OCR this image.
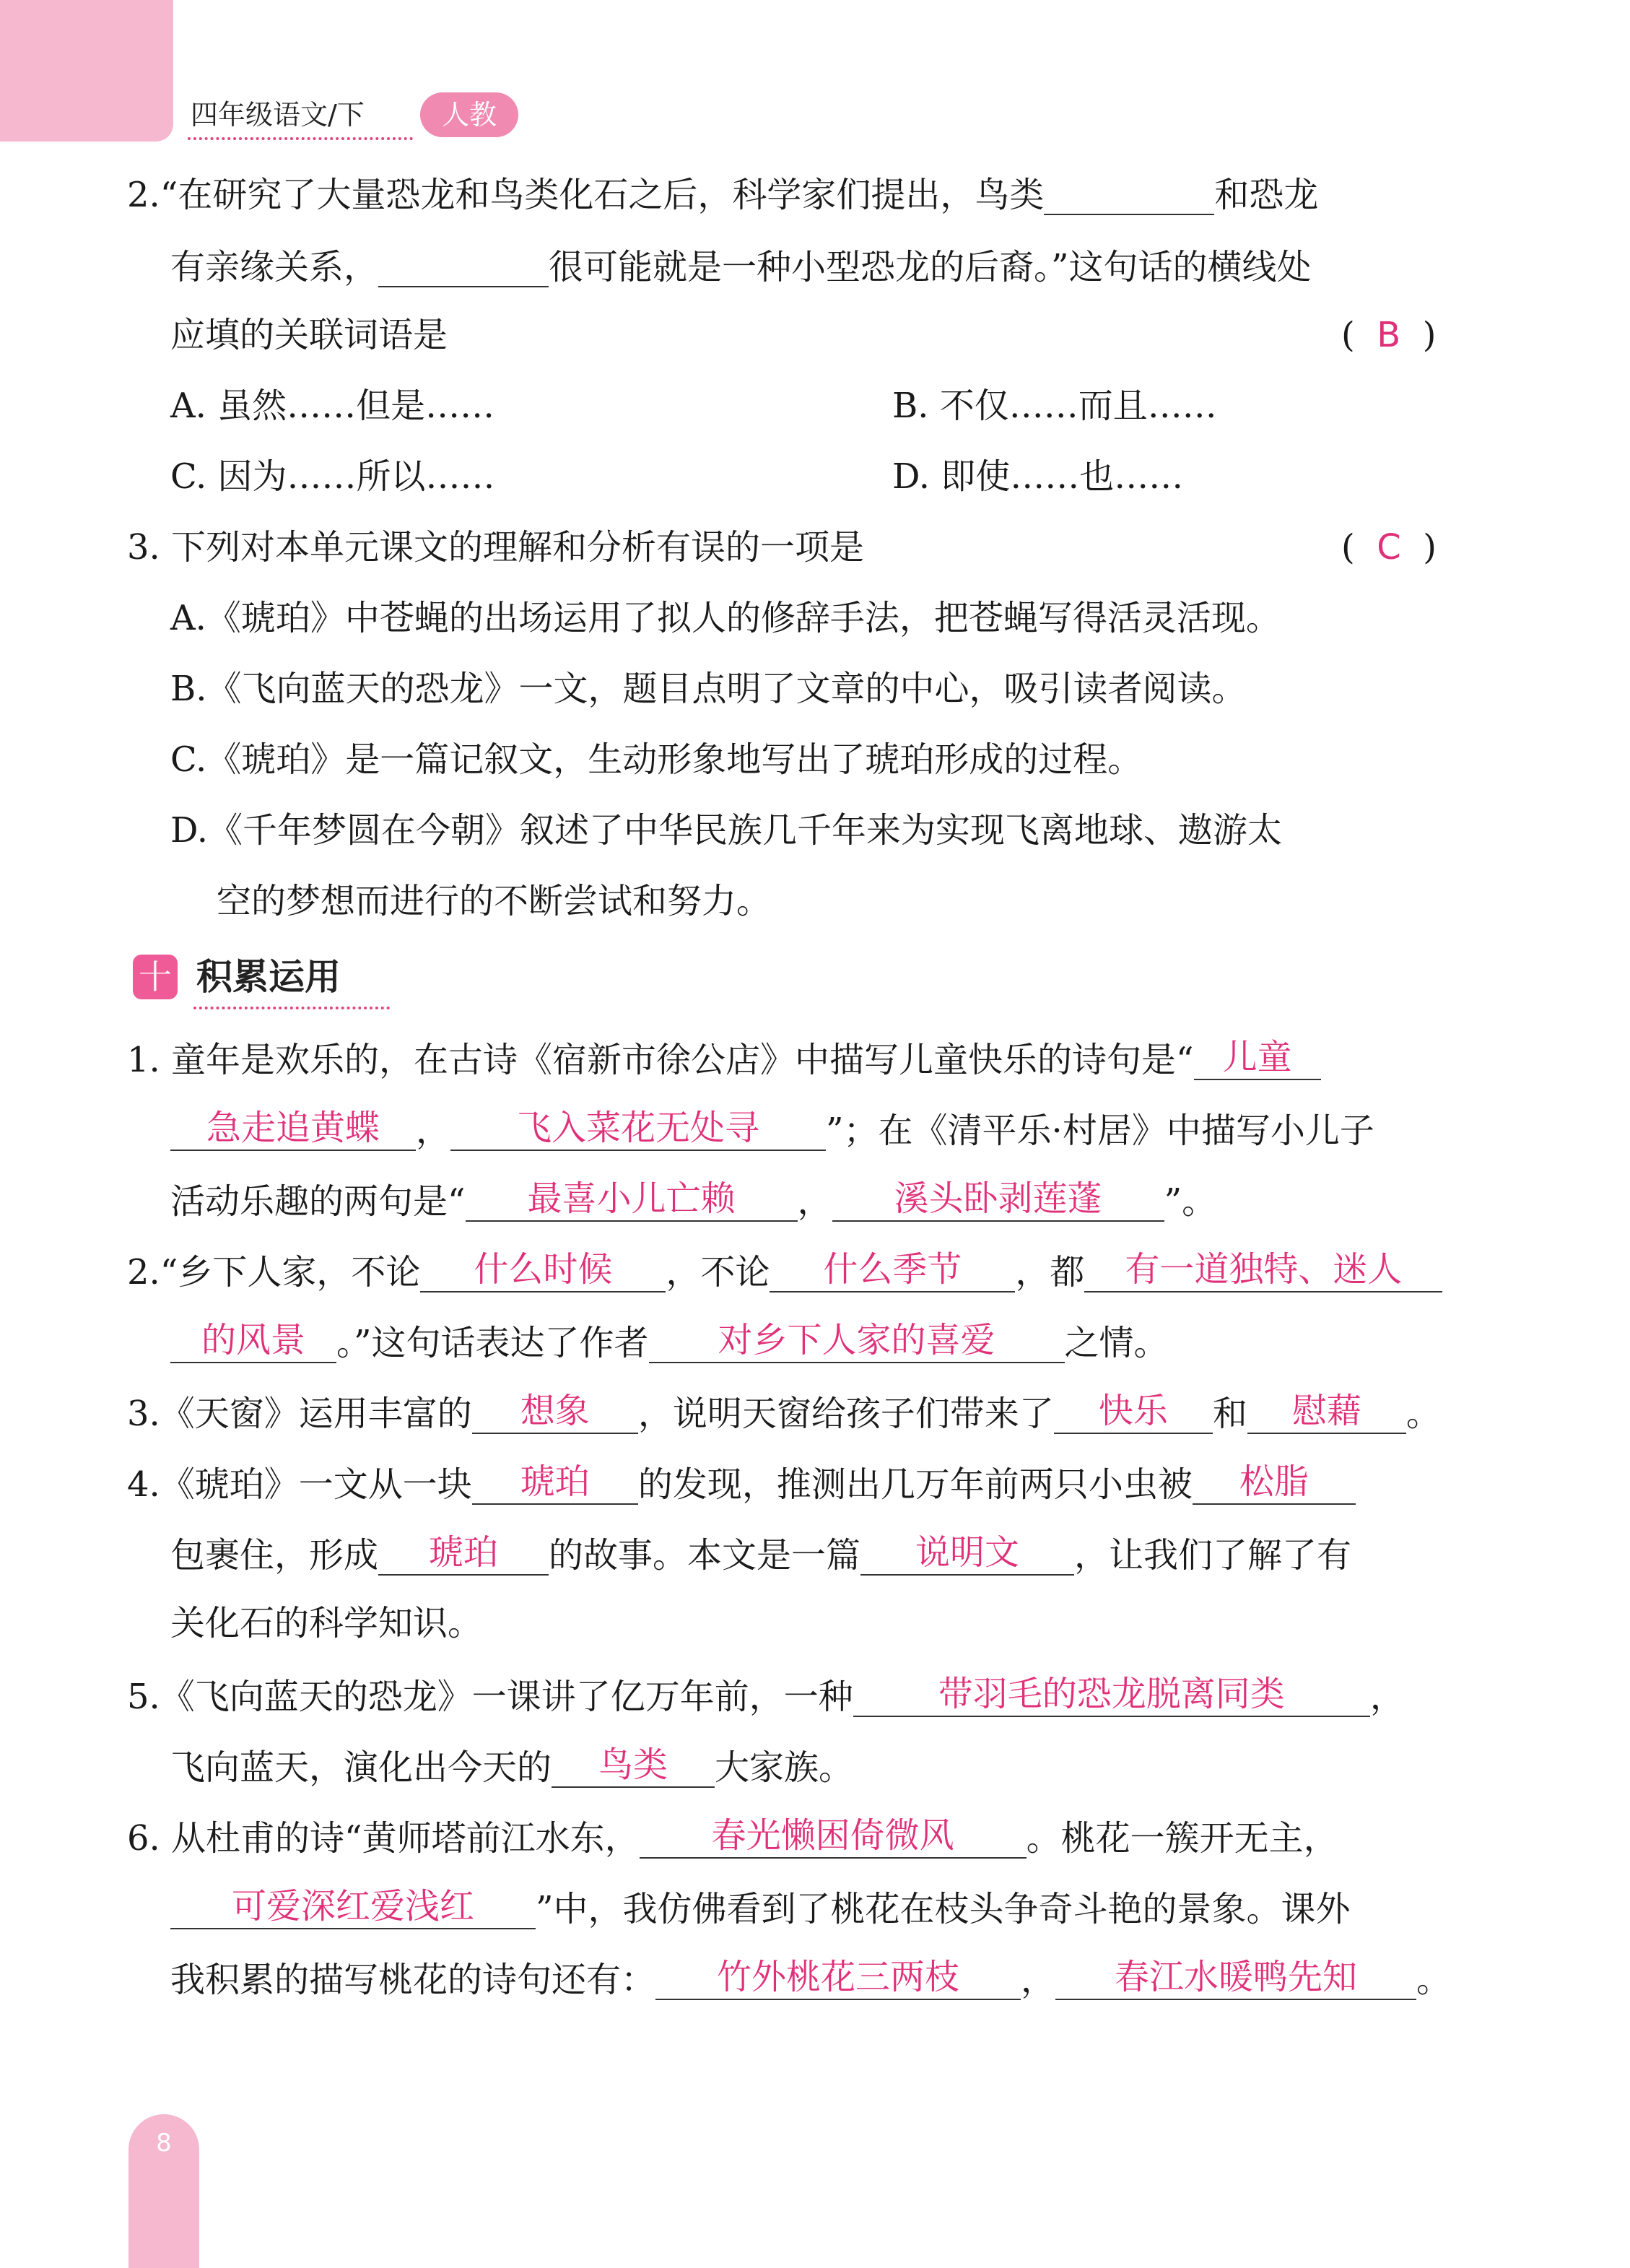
四年级语文/下	人教
2.“在研究了大量恐龙和鸟类化石之后，科学家们提出，鸟类	和恐龙
有亲缘关系，	很可能就是一种小型恐龙的后裔。”这句话的横线处
应填的关联词语是	(  B  )
A. 虽然……但是……	B. 不仅……而且……
C. 因为……所以……	D. 即使……也……
3. 下列对本单元课文的理解和分析有误的一项是	(  C  )
A.《琥珀》中苍蝇的出场运用了拟人的修辞手法，把苍蝇写得活灵活现。
B.《飞向蓝天的恐龙》一文，题目点明了文章的中心，吸引读者阅读。
C.《琥珀》是一篇记叙文，生动形象地写出了琥珀形成的过程。
D.《千年梦圆在今朝》叙述了中华民族几千年来为实现飞离地球、遨游太
空的梦想而进行的不断尝试和努力。
十 积累运用
1. 童年是欢乐的，在古诗《宿新市徐公店》中描写儿童快乐的诗句是“ 儿童
急走追黄蝶 ， 飞入菜花无处寻 ”；在《清平乐·村居》中描写小儿子
活动乐趣的两句是“ 最喜小儿亡赖 ， 溪头卧剥莲蓬 ”。
2.“乡下人家，不论 什么时候 ，不论 什么季节 ，都 有一道独特、迷人
的风景 。”这句话表达了作者 对乡下人家的喜爱 之情。
3.《天窗》运用丰富的 想象 ，说明天窗给孩子们带来了 快乐 和 慰藉 。
4.《琥珀》一文从一块 琥珀 的发现，推测出几万年前两只小虫被 松脂
包裹住，形成 琥珀 的故事。本文是一篇 说明文 ，让我们了解了有
关化石的科学知识。
5.《飞向蓝天的恐龙》一课讲了亿万年前，一种 带羽毛的恐龙脱离同类 ，
飞向蓝天，演化出今天的 鸟类 大家族。
6. 从杜甫的诗“黄师塔前江水东， 春光懒困倚微风 。桃花一簇开无主，
可爱深红爱浅红 ”中，我仿佛看到了桃花在枝头争奇斗艳的景象。课外
我积累的描写桃花的诗句还有： 竹外桃花三两枝 ， 春江水暖鸭先知 。
8
